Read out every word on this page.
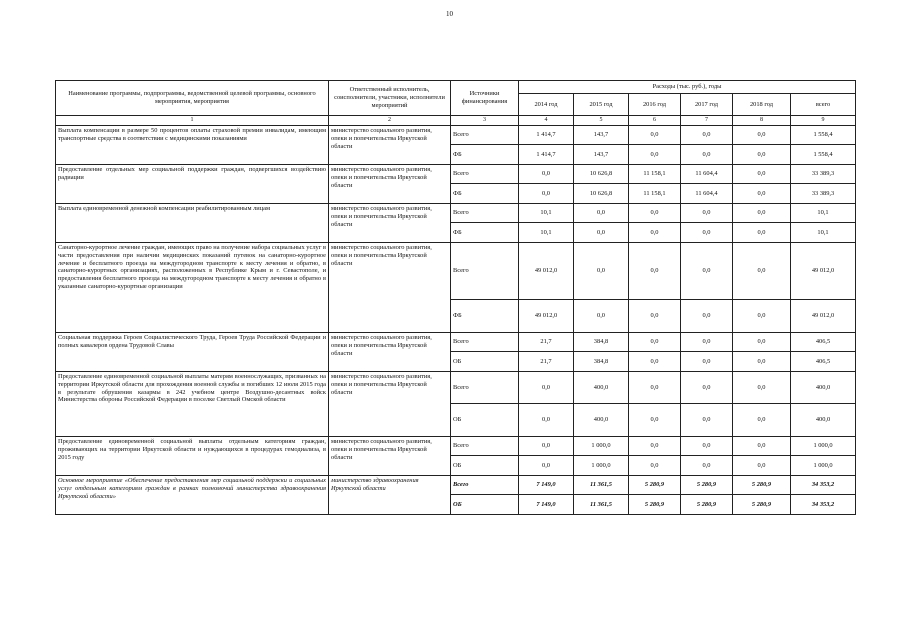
10
Наименование программы, подпрограммы, ведомственной целевой программы, основного мероприятия, мероприятия	Ответственный исполнитель, соисполнители, участники, исполнители мероприятий	Источники финансирования	Расходы (тыс. руб.), годы					
			2014 год	2015 год	2016 год	2017 год	2018 год	всего
1	2	3	4	5	6	7	8	9
Выплата компенсации в размере 50 процентов оплаты страховой премии инвалидам, имеющим транспортные средства в соответствии с медицинскими показаниями	министерство социального развития, опеки и попечительства Иркутской области	Всего	1 414,7	143,7	0,0	0,0	0,0	1 558,4
		ФБ	1 414,7	143,7	0,0	0,0	0,0	1 558,4
Предоставление отдельных мер социальной поддержки граждан, подвергшихся воздействию радиации	министерство социального развития, опеки и попечительства Иркутской области	Всего	0,0	10 626,8	11 158,1	11 604,4	0,0	33 389,3
		ФБ	0,0	10 626,8	11 158,1	11 604,4	0,0	33 389,3
Выплата единовременной денежной компенсации реабилитированным лицам	министерство социального развития, опеки и попечительства Иркутской области	Всего	10,1	0,0	0,0	0,0	0,0	10,1
		ФБ	10,1	0,0	0,0	0,0	0,0	10,1
Санаторно-курортное лечение граждан, имеющих право на получение набора социальных услуг в части предоставления при наличии медицинских показаний путевок на санаторно-курортное лечение и бесплатного проезда на междугородном транспорте к месту лечения и обратно, в санаторно-курортных организациях, расположенных в Республике Крым и г. Севастополе, и предоставления бесплатного проезда на междугородном транспорте к месту лечения и обратно в указанные санаторно-курортные организации	министерство социального развития, опеки и попечительства Иркутской области	Всего	49 012,0	0,0	0,0	0,0	0,0	49 012,0
		ФБ	49 012,0	0,0	0,0	0,0	0,0	49 012,0
Социальная поддержка Героев Социалистического Труда, Героев Труда Российской Федерации и полных кавалеров ордена Трудовой Славы	министерство социального развития, опеки и попечительства Иркутской области	Всего	21,7	384,8	0,0	0,0	0,0	406,5
		ОБ	21,7	384,8	0,0	0,0	0,0	406,5
Предоставление единовременной социальной выплаты матерям военнослужащих, призванных на территории Иркутской области для прохождения военной службы и погибших 12 июля 2015 года в результате обрушения казармы в 242 учебном центре Воздушно-десантных войск Министерства обороны Российской Федерации в поселке Светлый Омской области	министерство социального развития, опеки и попечительства Иркутской области	Всего	0,0	400,0	0,0	0,0	0,0	400,0
		ОБ	0,0	400,0	0,0	0,0	0,0	400,0
Предоставление единовременной социальной выплаты отдельным категориям граждан, проживающих на территории Иркутской области и нуждающихся в процедурах гемодиализа, в 2015 году	министерство социального развития, опеки и попечительства Иркутской области	Всего	0,0	1 000,0	0,0	0,0	0,0	1 000,0
		ОБ	0,0	1 000,0	0,0	0,0	0,0	1 000,0
Основное мероприятие «Обеспечение предоставления мер социальной поддержки и социальных услуг отдельным категориям граждан в рамках полномочий министерства здравоохранения Иркутской области»	министерство здравоохранения Иркутской области	Всего	7 149,0	11 361,5	5 280,9	5 280,9	5 280,9	34 353,2
		ОБ	7 149,0	11 361,5	5 280,9	5 280,9	5 280,9	34 353,2
